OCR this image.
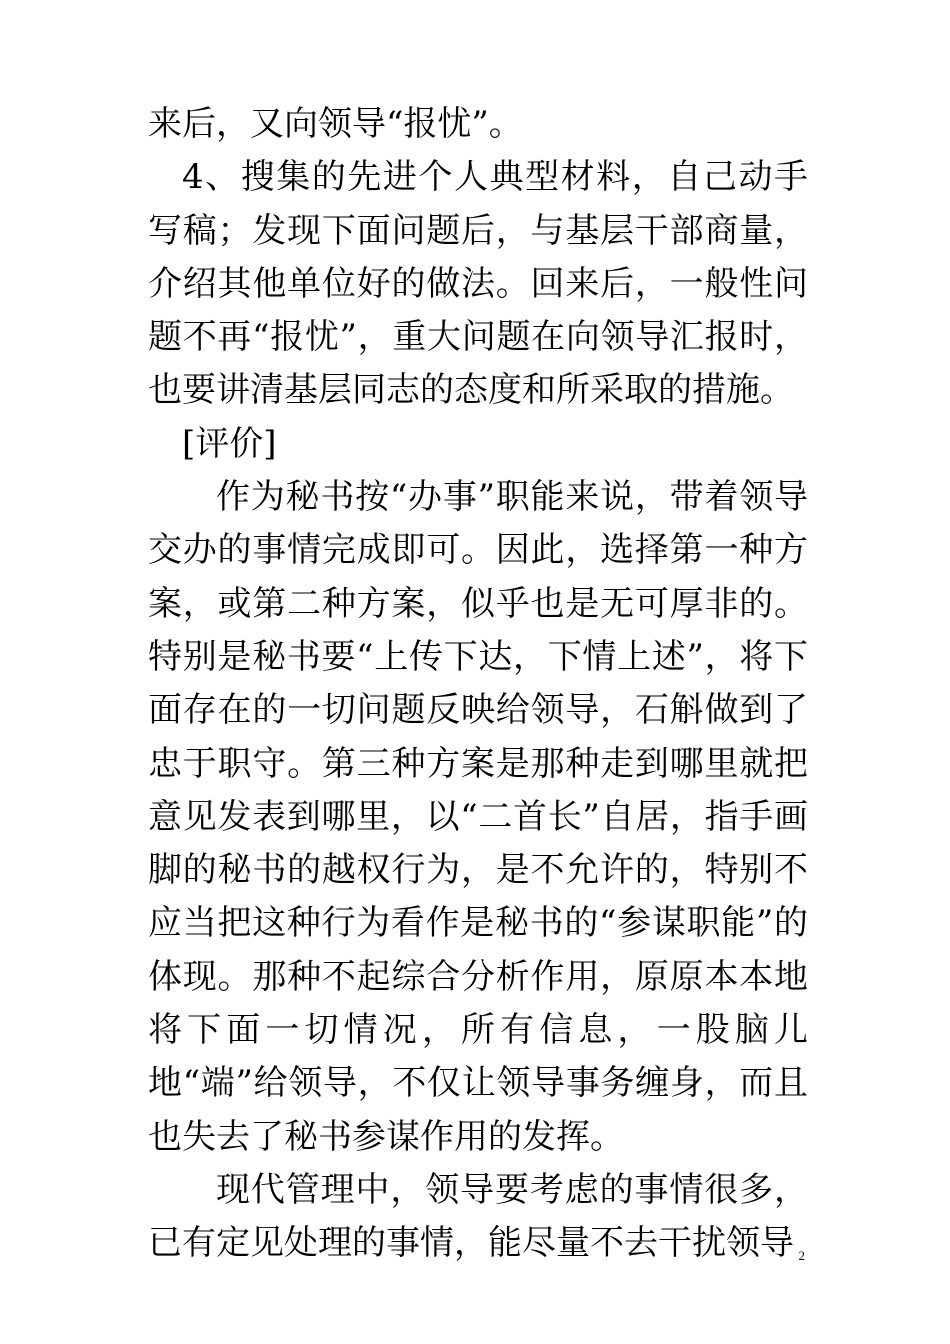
来后，又向领导“报忧”。

4、搜集的先进个人典型材料，自己动手写稿；发现下面问题后，与基层干部商量，介绍其他单位好的做法。回来后，一般性问题不再“报忧”，重大问题在向领导汇报时，也要讲清基层同志的态度和所采取的措施。

[评价]

作为秘书按“办事”职能来说，带着领导交办的事情完成即可。因此，选择第一种方案，或第二种方案，似乎也是无可厚非的。特别是秘书要“上传下达，下情上述”，将下面存在的一切问题反映给领导，石斛做到了忠于职守。第三种方案是那种走到哪里就把意见发表到哪里，以“二首长”自居，指手画脚的秘书的越权行为，是不允许的，特别不应当把这种行为看作是秘书的“参谋职能”的体现。那种不起综合分析作用，原原本本地将下面一切情况，所有信息，一股脑儿地“端”给领导，不仅让领导事务缠身，而且也失去了秘书参谋作用的发挥。

现代管理中，领导要考虑的事情很多，已有定见处理的事情，能尽量不去干扰领导 2
